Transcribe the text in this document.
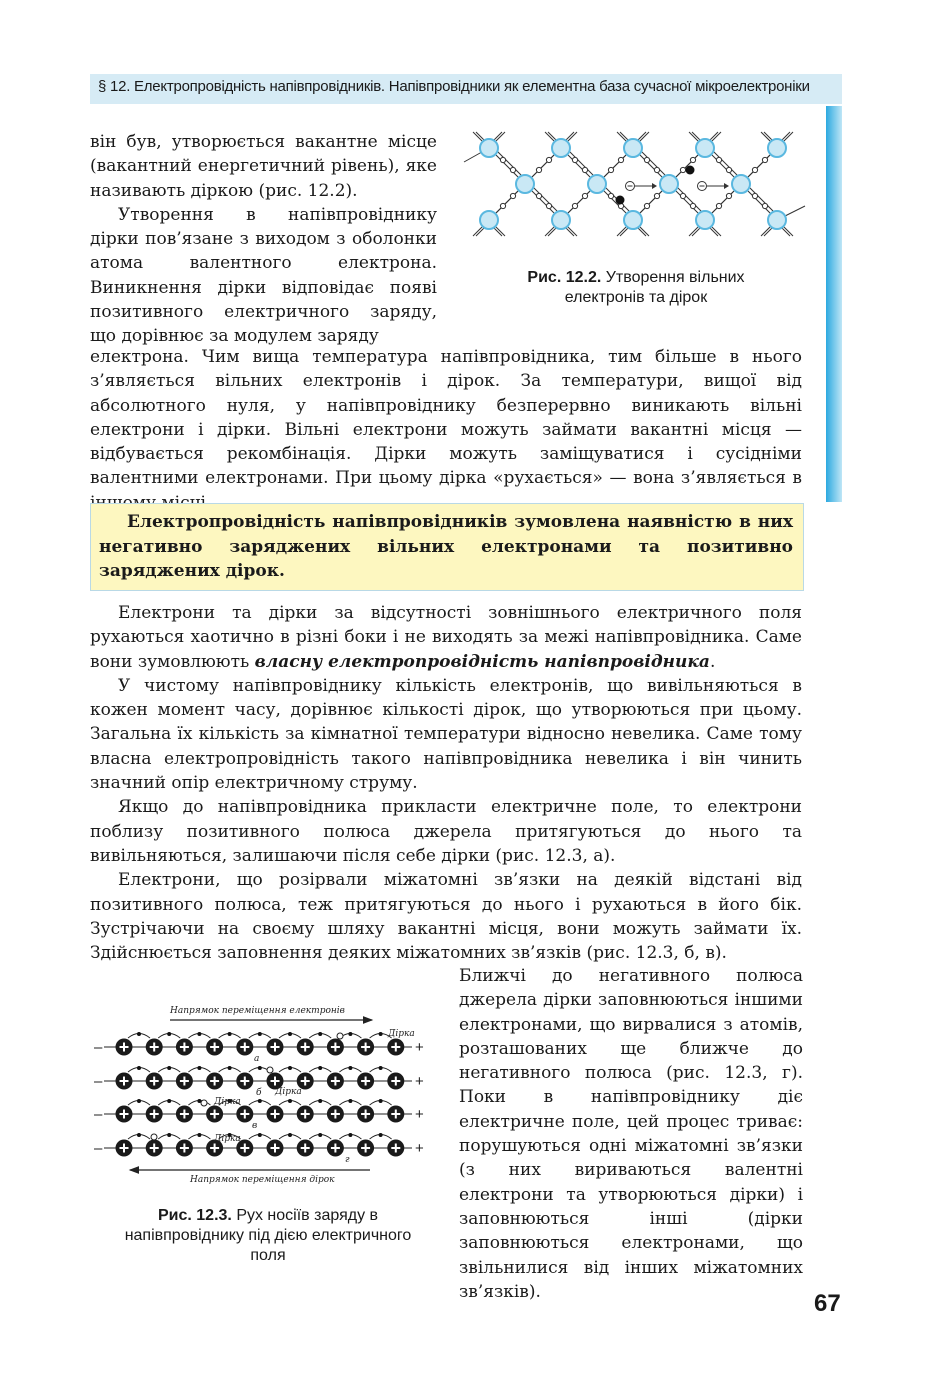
§ 12. Електропровідність напівпровідників. Напівпровідники як елементна база сучасної мікроелектроніки

він був, утворюється вакантне місце (вакантний енергетичний рівень), яке називають діркою (рис. 12.2).

Утворення в напівпровіднику дірки пов’язане з виходом з оболонки атома валентного електрона. Виникнення дірки відповідає появі позитивного електричного заряду, що дорівнює за модулем заряду

Рис. 12.2. Утворення вільних електронів та дірок

електрона. Чим вища температура напівпровідника, тим більше в нього з’являється вільних електронів і дірок. За температури, вищої від абсолютного нуля, у напівпровіднику безперервно виникають вільні електрони і дірки. Вільні електрони можуть займати вакантні місця — відбувається рекомбінація. Дірки можуть заміщуватися і сусідніми валентними електронами. При цьому дірка «рухається» — вона з’являється в

Електропровідність напівпровідників зумовлена наявністю в них негативно заряджених вільних електронами та позитивно заряджених дірок.

Електрони та дірки за відсутності зовнішнього електричного поля рухаються хаотично в різні боки і не виходять за межі напівпровідника. Саме вони зумовлюють власну електропровідність напівпровідника.

У чистому напівпровіднику кількість електронів, що вивільняються в кожен момент часу, дорівнює кількості дірок, що утворюються при цьому. Загальна їх кількість за кімнатної температури відносно невелика. Саме тому власна електропровідність такого напівпровідника невелика і він чинить значний опір електричному струму.

Якщо до напівпровідника прикласти електричне поле, то електрони поблизу позитивного полюса джерела притягуються до нього та вивільняються, залишаючи після себе дірки (рис. 12.3, а).

Електрони, що розірвали міжатомні зв’язки на деякій відстані від позитивного полюса, теж притягуються до нього і рухаються в його бік. Зустрічаючи на своєму шляху вакантні місця, вони можуть займати їх. Здійснюється заповнення деяких міжатомних зв’язків (рис. 12.3, б, в).

Ближчі до негативного полюса джерела дірки заповнюються іншими електронами, що вирвалися з атомів, розташованих ще ближче до негативного полюса (рис. 12.3, г). Поки в напівпровіднику діє електричне поле, цей процес триває: порушуються одні міжатомні зв’язки (з них вириваються валентні електрони та утворюються дірки) і заповнюються інші (дірки заповнюються електронами, що звільнилися від інших міжатомних зв’язків).

Напрямок переміщення електронів
–	+
Дірка
а
–	+
Дірка
б
–	+
Дірка
в
–	+
Дірка
г
Напрямок переміщення дірок
Рис. 12.3. Рух носіїв заряду в напівпровіднику під дією електричного поля
67
